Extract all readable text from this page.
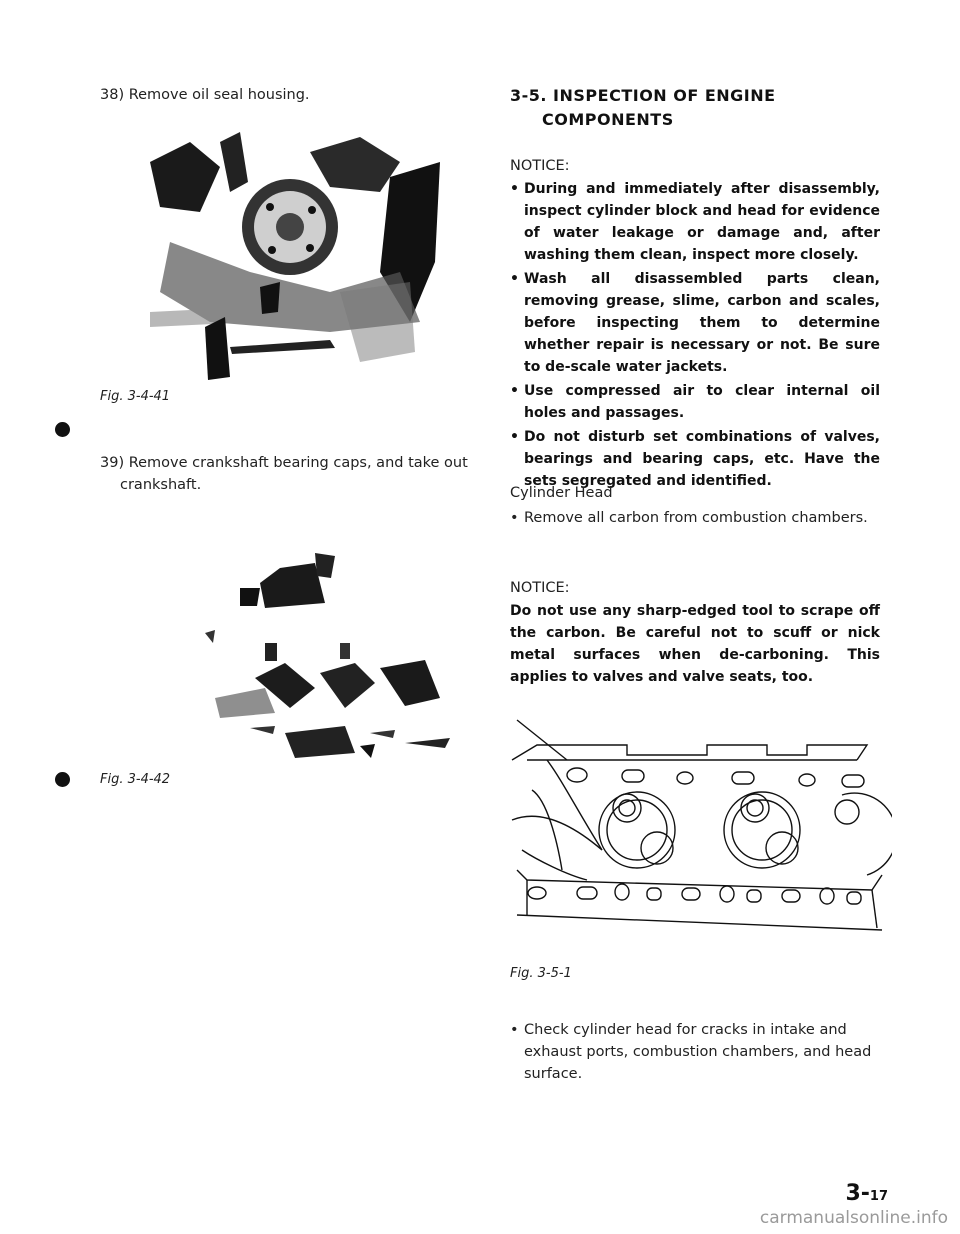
38) Remove oil seal housing.
Fig. 3-4-41
39) Remove crankshaft bearing caps, and take out crankshaft.
Fig. 3-4-42
3-5. INSPECTION OF ENGINE
COMPONENTS
NOTICE:
• During and immediately after disassembly, inspect cylinder block and head for evidence of water leakage or damage and, after washing them clean, inspect more closely.
• Wash all disassembled parts clean, removing grease, slime, carbon and scales, before inspecting them to determine whether repair is necessary or not. Be sure to de-scale water jackets.
• Use compressed air to clear internal oil holes and passages.
• Do not disturb set combinations of valves, bearings and bearing caps, etc. Have the sets segregated and identified.
Cylinder Head
• Remove all carbon from combustion chambers.
NOTICE:
Do not use any sharp-edged tool to scrape off the carbon. Be careful not to scuff or nick metal surfaces when de-carboning. This applies to valves and valve seats, too.
Fig. 3-5-1
• Check cylinder head for cracks in intake and exhaust ports, combustion chambers, and head surface.
3-17
carmanualsonline.info
